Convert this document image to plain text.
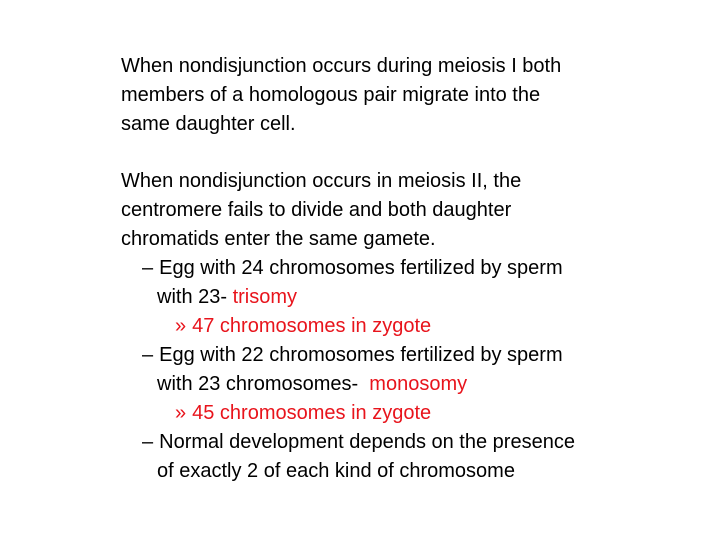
When nondisjunction occurs during meiosis I both
members of a homologous pair migrate into the
same daughter cell.
When nondisjunction occurs in meiosis II, the
centromere fails to divide and both daughter
chromatids enter the same gamete.
– Egg with 24 chromosomes fertilized by sperm
with 23- trisomy
» 47 chromosomes in zygote
– Egg with 22 chromosomes fertilized by sperm
with 23 chromosomes-  monosomy
» 45 chromosomes in zygote
– Normal development depends on the presence
of exactly 2 of each kind of chromosome
